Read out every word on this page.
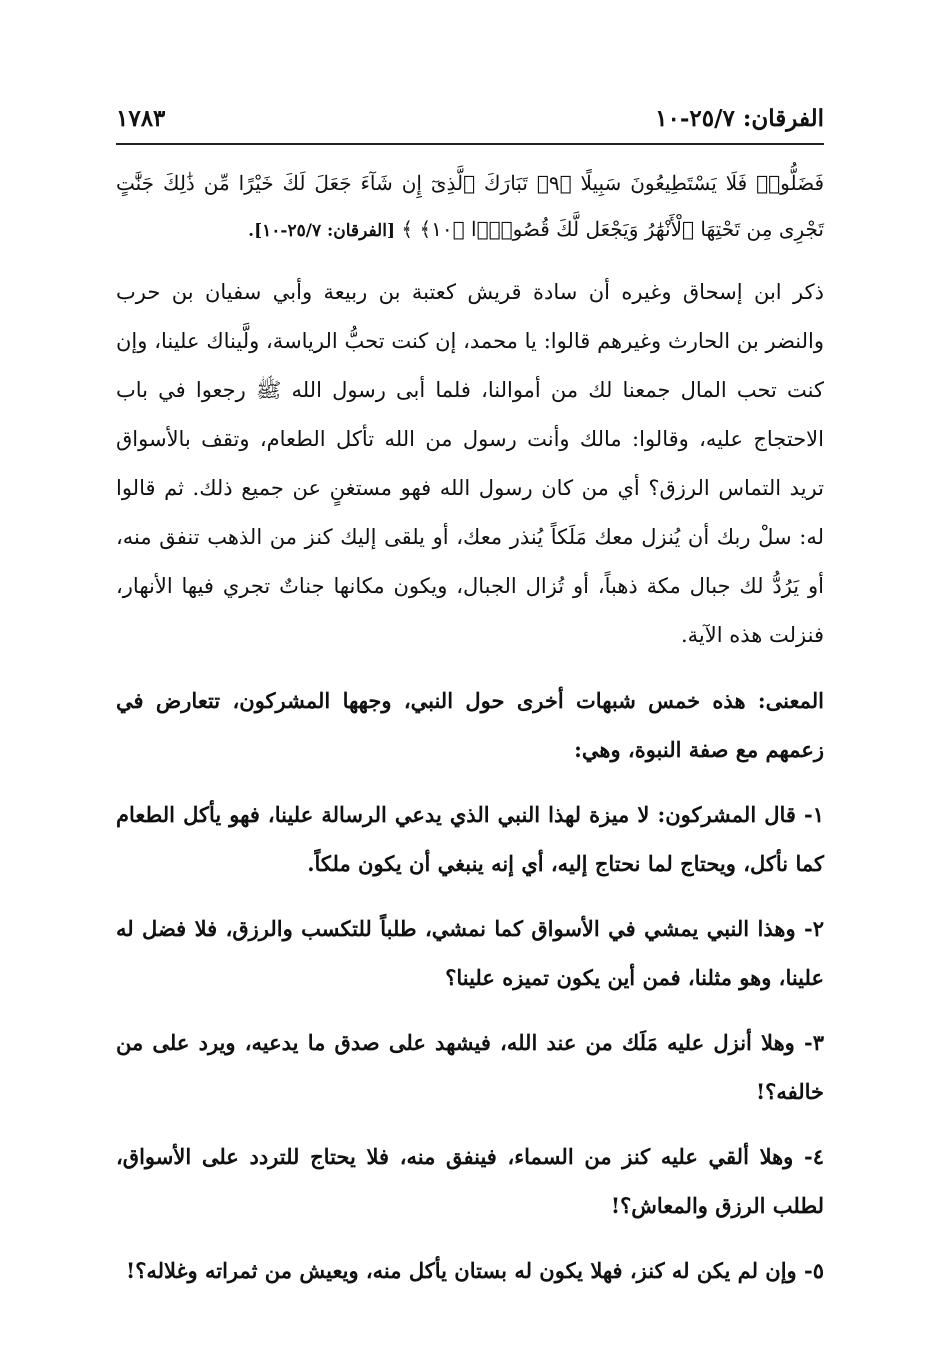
الفرقان: ٢٥/٧-١٠
١٧٨٣
فَضَلُّوا۟ فَلَا يَسْتَطِيعُونَ سَبِيلًا ﴿٩﴾ تَبَارَكَ ٱلَّذِىٓ إِن شَآءَ جَعَلَ لَكَ خَيْرًا مِّن ذَٰلِكَ جَنَّٰتٍ تَجْرِى مِن تَحْتِهَا ٱلْأَنْهَٰرُ وَيَجْعَل لَّكَ قُصُورًۢا ﴿١٠﴾ ﴾ [الفرقان: ٢٥/٧-١٠].

ذكر ابن إسحاق وغيره أن سادة قريش كعتبة بن ربيعة وأبي سفيان بن حرب والنضر بن الحارث وغيرهم قالوا: يا محمد، إن كنت تحبُّ الرياسة، ولَّيناك علينا، وإن كنت تحب المال جمعنا لك من أموالنا، فلما أبى رسول الله ﷺ رجعوا في باب الاحتجاج عليه، وقالوا: مالك وأنت رسول من الله تأكل الطعام، وتقف بالأسواق تريد التماس الرزق؟ أي من كان رسول الله فهو مستغنٍ عن جميع ذلك. ثم قالوا له: سلْ ربك أن يُنزل معك مَلَكاً يُنذر معك، أو يلقى إليك كنز من الذهب تنفق منه، أو يَرُدُّ لك جبال مكة ذهباً، أو تُزال الجبال، ويكون مكانها جناتٌ تجري فيها الأنهار، فنزلت هذه الآية.

المعنى: هذه خمس شبهات أخرى حول النبي، وجهها المشركون، تتعارض في زعمهم مع صفة النبوة، وهي:

١- قال المشركون: لا ميزة لهذا النبي الذي يدعي الرسالة علينا، فهو يأكل الطعام كما نأكل، ويحتاج لما نحتاج إليه، أي إنه ينبغي أن يكون ملكاً.

٢- وهذا النبي يمشي في الأسواق كما نمشي، طلباً للتكسب والرزق، فلا فضل له علينا، وهو مثلنا، فمن أين يكون تميزه علينا؟

٣- وهلا أنزل عليه مَلَك من عند الله، فيشهد على صدق ما يدعيه، ويرد على من خالفه؟!

٤- وهلا ألقي عليه كنز من السماء، فينفق منه، فلا يحتاج للتردد على الأسواق، لطلب الرزق والمعاش؟!

٥- وإن لم يكن له كنز، فهلا يكون له بستان يأكل منه، ويعيش من ثمراته وغلاله؟!
